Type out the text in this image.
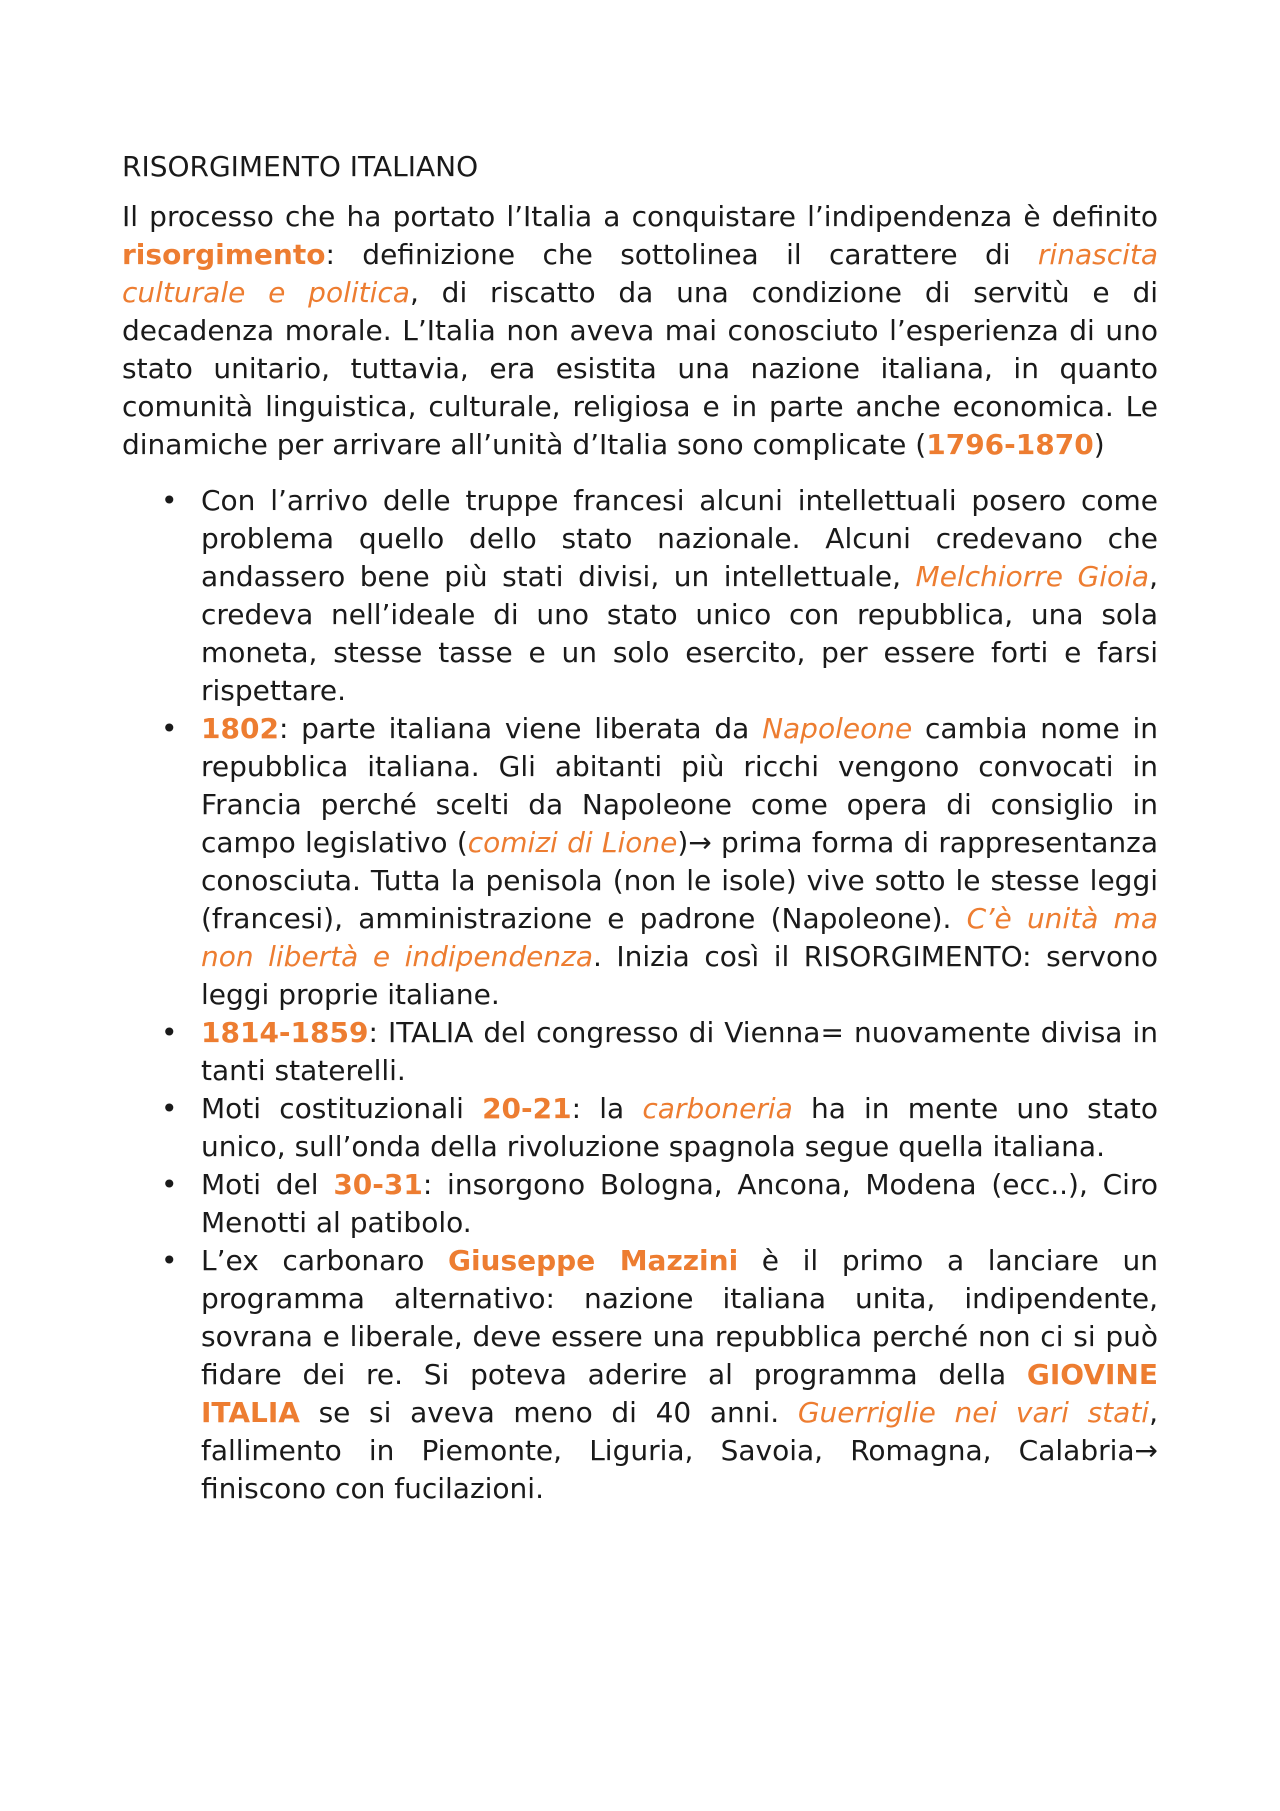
RISORGIMENTO ITALIANO

Il processo che ha portato l’Italia a conquistare l’indipendenza è definito risorgimento: definizione che sottolinea il carattere di rinascita culturale e politica, di riscatto da una condizione di servitù e di decadenza morale. L’Italia non aveva mai conosciuto l’esperienza di uno stato unitario, tuttavia, era esistita una nazione italiana, in quanto comunità linguistica, culturale, religiosa e in parte anche economica. Le dinamiche per arrivare all’unità d’Italia sono complicate (1796-1870)

• Con l’arrivo delle truppe francesi alcuni intellettuali posero come problema quello dello stato nazionale. Alcuni credevano che andassero bene più stati divisi, un intellettuale, Melchiorre Gioia, credeva nell’ideale di uno stato unico con repubblica, una sola moneta, stesse tasse e un solo esercito, per essere forti e farsi rispettare.
• 1802: parte italiana viene liberata da Napoleone cambia nome in repubblica italiana. Gli abitanti più ricchi vengono convocati in Francia perché scelti da Napoleone come opera di consiglio in campo legislativo (comizi di Lione)→ prima forma di rappresentanza conosciuta. Tutta la penisola (non le isole) vive sotto le stesse leggi (francesi), amministrazione e padrone (Napoleone). C’è unità ma non libertà e indipendenza. Inizia così il RISORGIMENTO: servono leggi proprie italiane.
• 1814-1859: ITALIA del congresso di Vienna= nuovamente divisa in tanti staterelli.
• Moti costituzionali 20-21: la carboneria ha in mente uno stato unico, sull’onda della rivoluzione spagnola segue quella italiana.
• Moti del 30-31: insorgono Bologna, Ancona, Modena (ecc..), Ciro Menotti al patibolo.
• L’ex carbonaro Giuseppe Mazzini è il primo a lanciare un programma alternativo: nazione italiana unita, indipendente, sovrana e liberale, deve essere una repubblica perché non ci si può fidare dei re. Si poteva aderire al programma della GIOVINE ITALIA se si aveva meno di 40 anni. Guerriglie nei vari stati, fallimento in Piemonte, Liguria, Savoia, Romagna, Calabria→ finiscono con fucilazioni.
